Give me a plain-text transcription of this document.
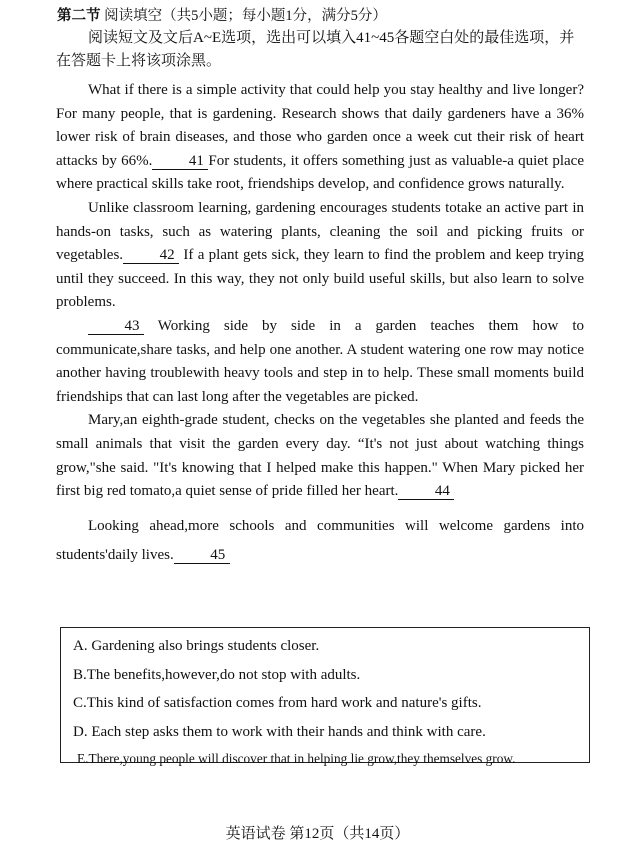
第二节 阅读填空（共5小题；每小题1分，满分5分）
阅读短文及文后A~E选项，选出可以填入41~45各题空白处的最佳选项，并在答题卡上将该项涂黑。

What if there is a simple activity that could help you stay healthy and live longer? For many people, that is gardening. Research shows that daily gardeners have a 36% lower risk of brain diseases, and those who garden once a week cut their risk of heart attacks by 66%. 41 For students, it offers something just as valuable-a quiet place where practical skills take root, friendships develop, and confidence grows naturally.

Unlike classroom learning, gardening encourages students totake an active part in hands-on tasks, such as watering plants, cleaning the soil and picking fruits or vegetables. 42 If a plant gets sick, they learn to find the problem and keep trying until they succeed. In this way, they not only build useful skills, but also learn to solve problems.

43 Working side by side in a garden teaches them how to communicate,share tasks, and help one another. A student watering one row may notice another having troublewith heavy tools and step in to help. These small moments build friendships that can last long after the vegetables are picked.

Mary,an eighth-grade student, checks on the vegetables she planted and feeds the small animals that visit the garden every day. “It's not just about watching things grow,"she said. "It's knowing that I helped make this happen." When Mary picked her first big red tomato,a quiet sense of pride filled her heart. 44

Looking ahead,more schools and communities will welcome gardens into students'daily lives. 45

A. Gardening also brings students closer.
B.The benefits,however,do not stop with adults.
C.This kind of satisfaction comes from hard work and nature's gifts.
D. Each step asks them to work with their hands and think with care.
E.There,young people will discover that in helping lie grow,they themselves grow.
英语试卷 第12页（共14页）
